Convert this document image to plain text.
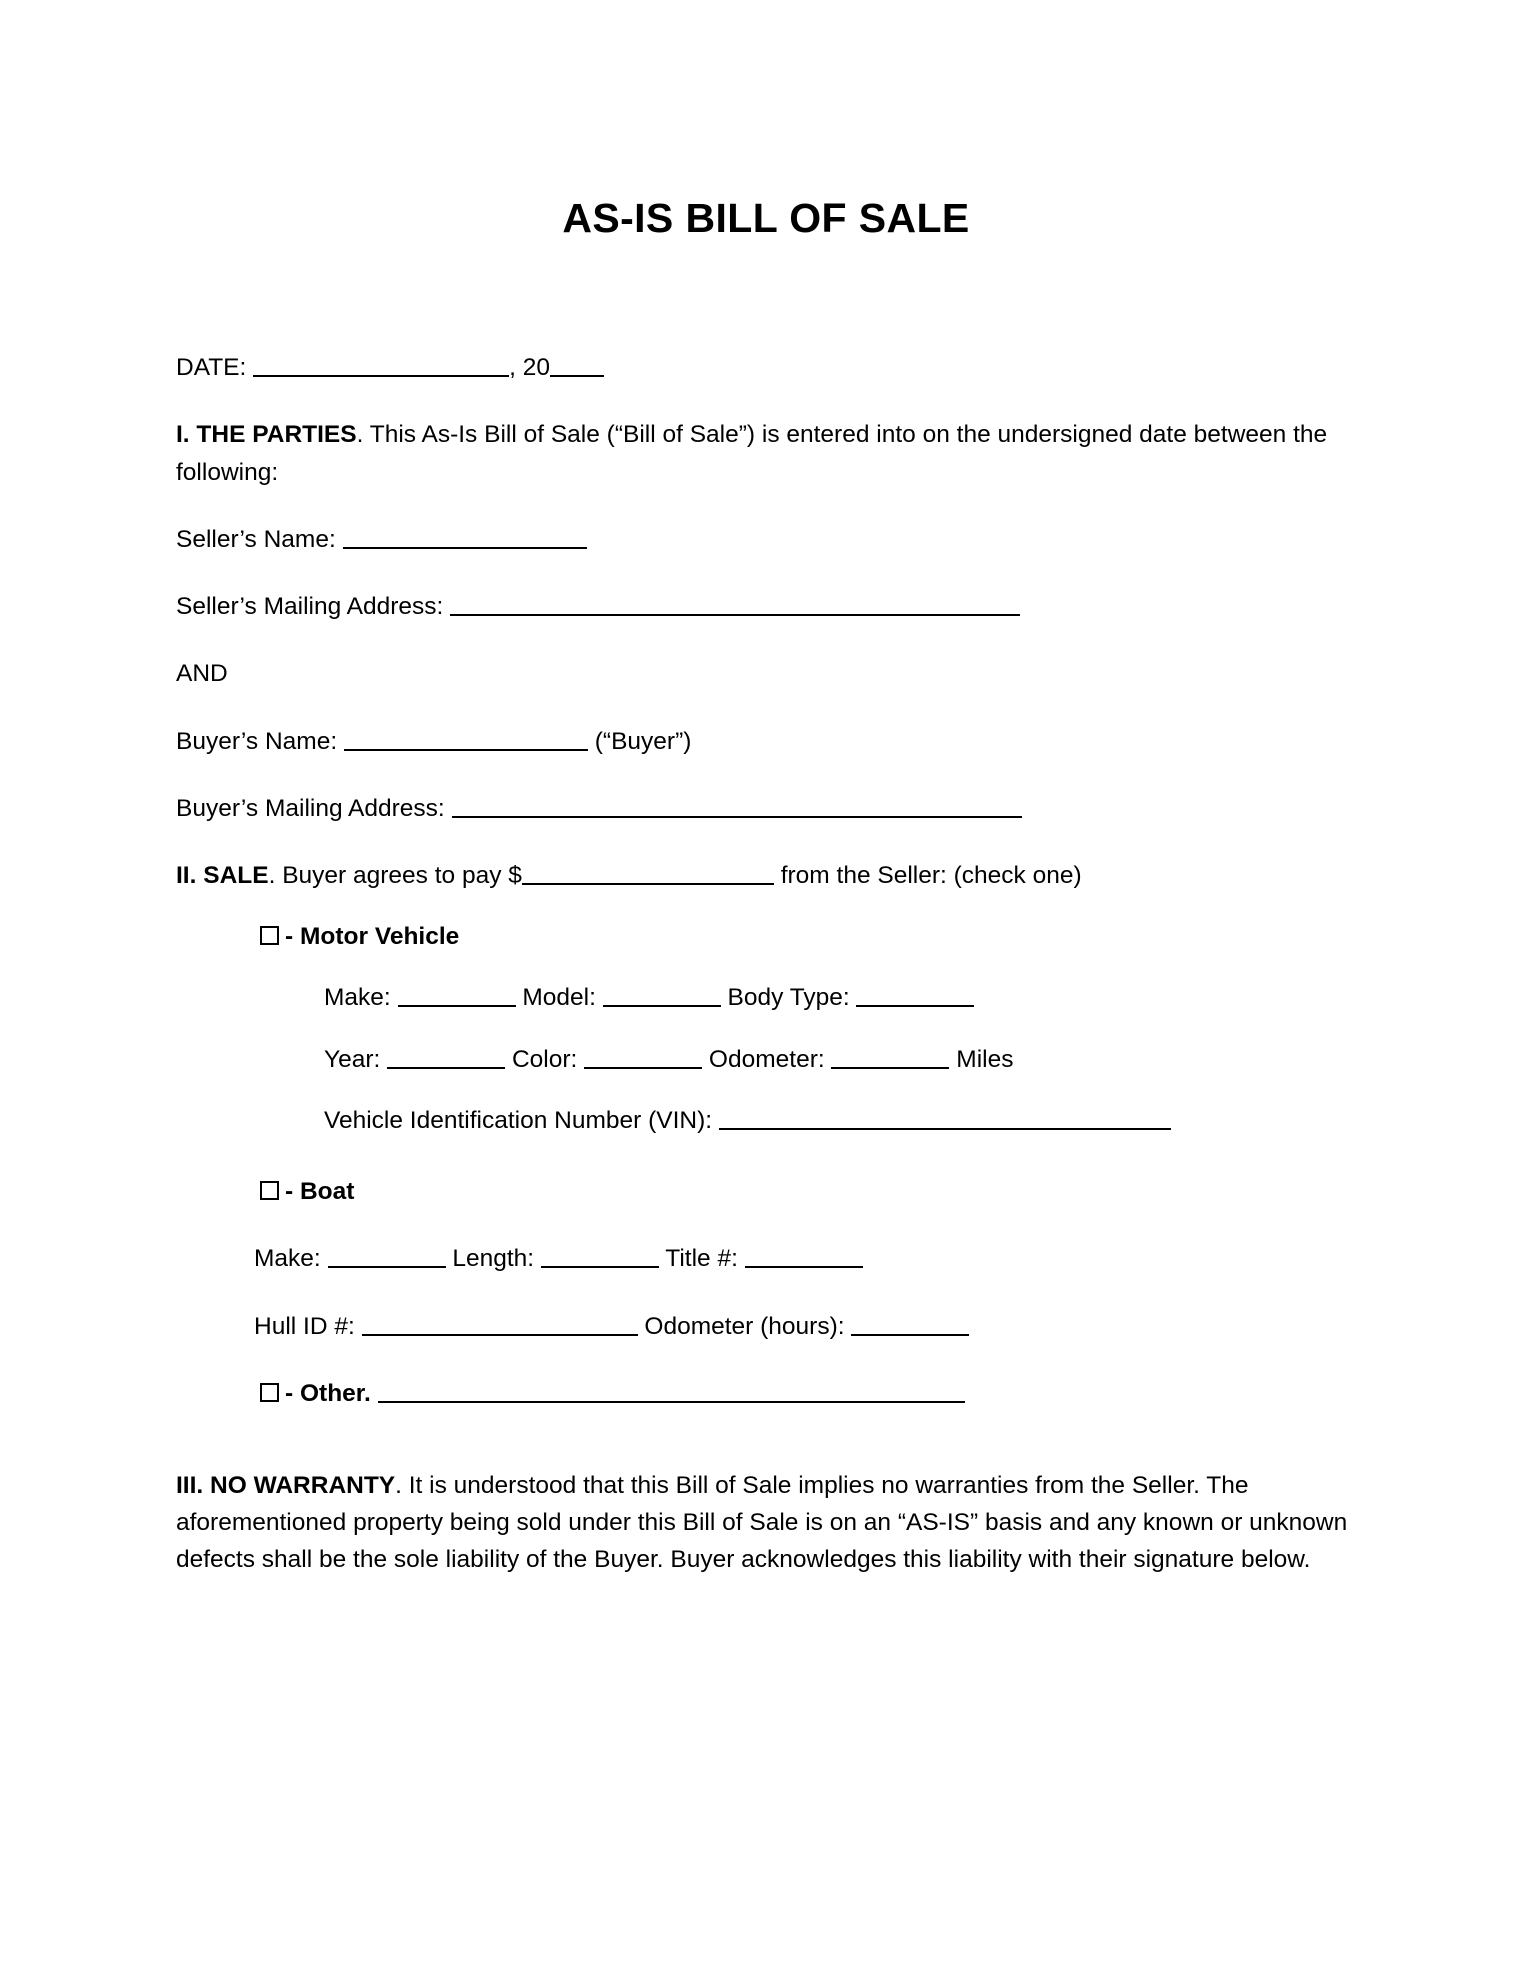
AS-IS BILL OF SALE

DATE:	, 20

I. THE PARTIES. This As-Is Bill of Sale (“Bill of Sale”) is entered into on the undersigned date between the following:

Seller’s Name:

Seller’s Mailing Address:

AND

Buyer’s Name:	(“Buyer”)

Buyer’s Mailing Address:

II. SALE. Buyer agrees to pay $	from the Seller: (check one)

- Motor Vehicle

Make:	Model:	Body Type:

Year:	Color:	Odometer:	Miles

Vehicle Identification Number (VIN):

- Boat

Make:	Length:	Title #:

Hull ID #:	Odometer (hours):

- Other.

III. NO WARRANTY. It is understood that this Bill of Sale implies no warranties from the Seller. The aforementioned property being sold under this Bill of Sale is on an “AS-IS” basis and any known or unknown defects shall be the sole liability of the Buyer. Buyer acknowledges this liability with their signature below.
